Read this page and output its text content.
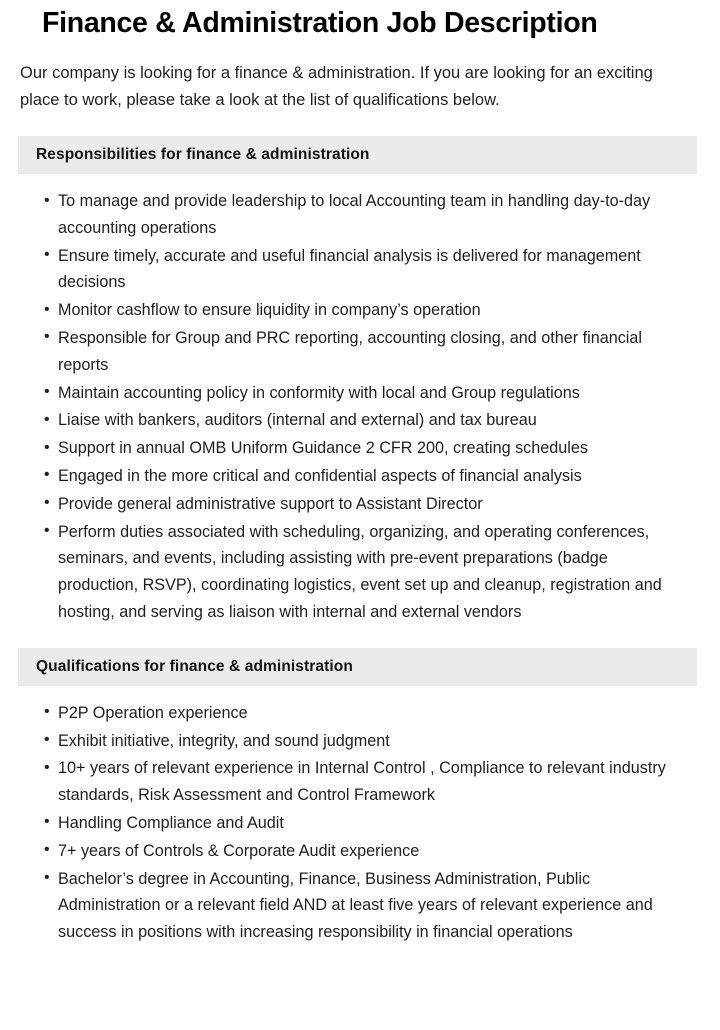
Finance & Administration Job Description

Our company is looking for a finance & administration. If you are looking for an exciting place to work, please take a look at the list of qualifications below.

Responsibilities for finance & administration
• To manage and provide leadership to local Accounting team in handling day-to-day accounting operations
• Ensure timely, accurate and useful financial analysis is delivered for management decisions
• Monitor cashflow to ensure liquidity in company’s operation
• Responsible for Group and PRC reporting, accounting closing, and other financial reports
• Maintain accounting policy in conformity with local and Group regulations
• Liaise with bankers, auditors (internal and external) and tax bureau
• Support in annual OMB Uniform Guidance 2 CFR 200, creating schedules
• Engaged in the more critical and confidential aspects of financial analysis
• Provide general administrative support to Assistant Director
• Perform duties associated with scheduling, organizing, and operating conferences, seminars, and events, including assisting with pre-event preparations (badge production, RSVP), coordinating logistics, event set up and cleanup, registration and hosting, and serving as liaison with internal and external vendors
Qualifications for finance & administration
• P2P Operation experience
• Exhibit initiative, integrity, and sound judgment
• 10+ years of relevant experience in Internal Control , Compliance to relevant industry standards, Risk Assessment and Control Framework
• Handling Compliance and Audit
• 7+ years of Controls & Corporate Audit experience
• Bachelor’s degree in Accounting, Finance, Business Administration, Public Administration or a relevant field AND at least five years of relevant experience and success in positions with increasing responsibility in financial operations
